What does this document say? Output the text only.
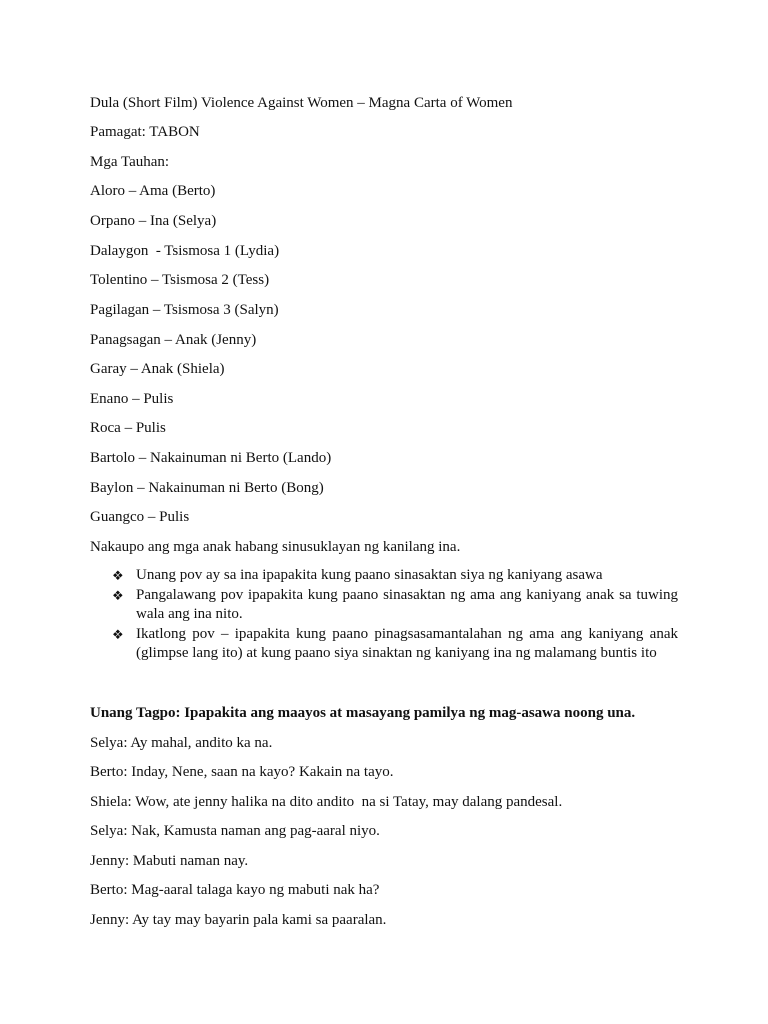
Dula (Short Film) Violence Against Women – Magna Carta of Women
Pamagat: TABON
Mga Tauhan:
Aloro – Ama (Berto)
Orpano – Ina (Selya)
Dalaygon  - Tsismosa 1 (Lydia)
Tolentino – Tsismosa 2 (Tess)
Pagilagan – Tsismosa 3 (Salyn)
Panagsagan – Anak (Jenny)
Garay – Anak (Shiela)
Enano – Pulis
Roca – Pulis
Bartolo – Nakainuman ni Berto (Lando)
Baylon – Nakainuman ni Berto (Bong)
Guangco – Pulis
Nakaupo ang mga anak habang sinusuklayan ng kanilang ina.
❖ Unang pov ay sa ina ipapakita kung paano sinasaktan siya ng kaniyang asawa
❖ Pangalawang pov ipapakita kung paano sinasaktan ng ama ang kaniyang anak sa tuwing wala ang ina nito.
❖ Ikatlong pov – ipapakita kung paano pinagsasamantalahan ng ama ang kaniyang anak (glimpse lang ito) at kung paano siya sinaktan ng kaniyang ina ng malamang buntis ito
Unang Tagpo: Ipapakita ang maayos at masayang pamilya ng mag-asawa noong una.
Selya: Ay mahal, andito ka na.
Berto: Inday, Nene, saan na kayo? Kakain na tayo.
Shiela: Wow, ate jenny halika na dito andito  na si Tatay, may dalang pandesal.
Selya: Nak, Kamusta naman ang pag-aaral niyo.
Jenny: Mabuti naman nay.
Berto: Mag-aaral talaga kayo ng mabuti nak ha?
Jenny: Ay tay may bayarin pala kami sa paaralan.
